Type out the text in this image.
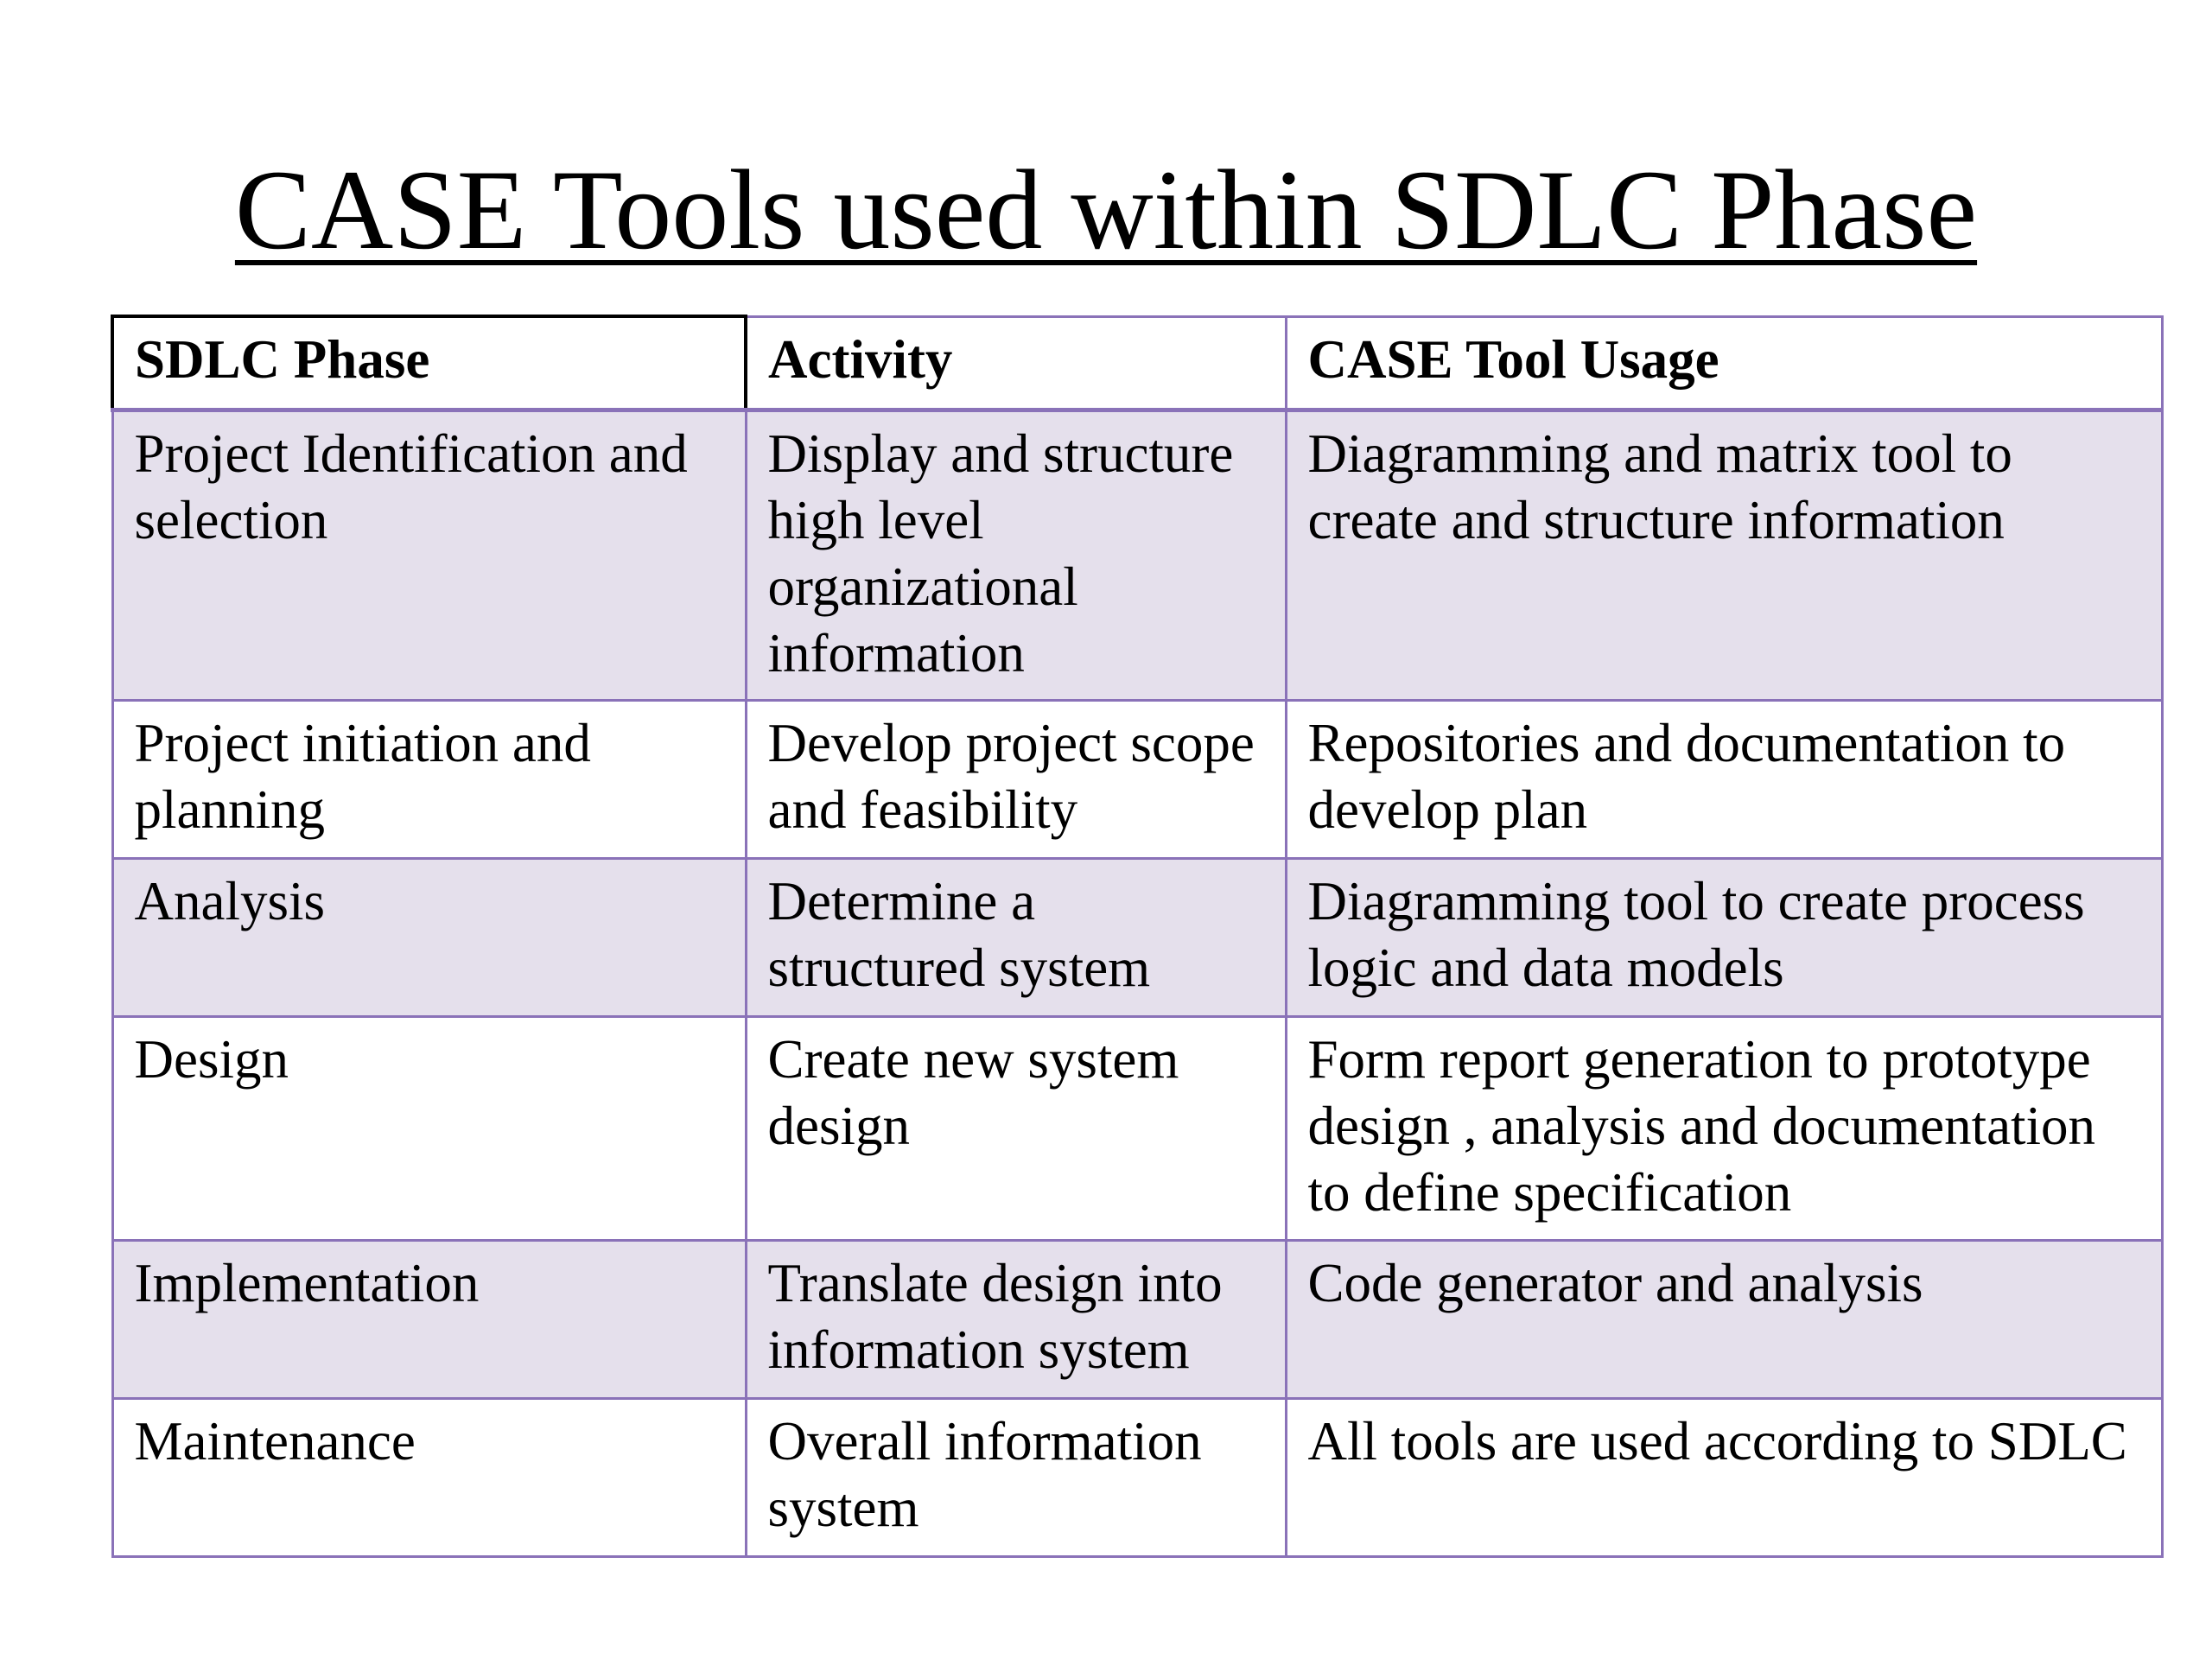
CASE Tools used within SDLC Phase
SDLC Phase	Activity	CASE Tool Usage
Project Identification and selection	Display and structure high level organizational information	Diagramming and matrix tool to create and structure information
Project initiation and planning	Develop project scope and feasibility	Repositories and documentation to develop plan
Analysis	Determine a structured system	Diagramming tool to create process logic and data models
Design	Create new system design	Form report generation to prototype design , analysis and documentation to define specification
Implementation	Translate design into information system	Code generator and analysis
Maintenance	Overall information system	All tools are used according to SDLC
